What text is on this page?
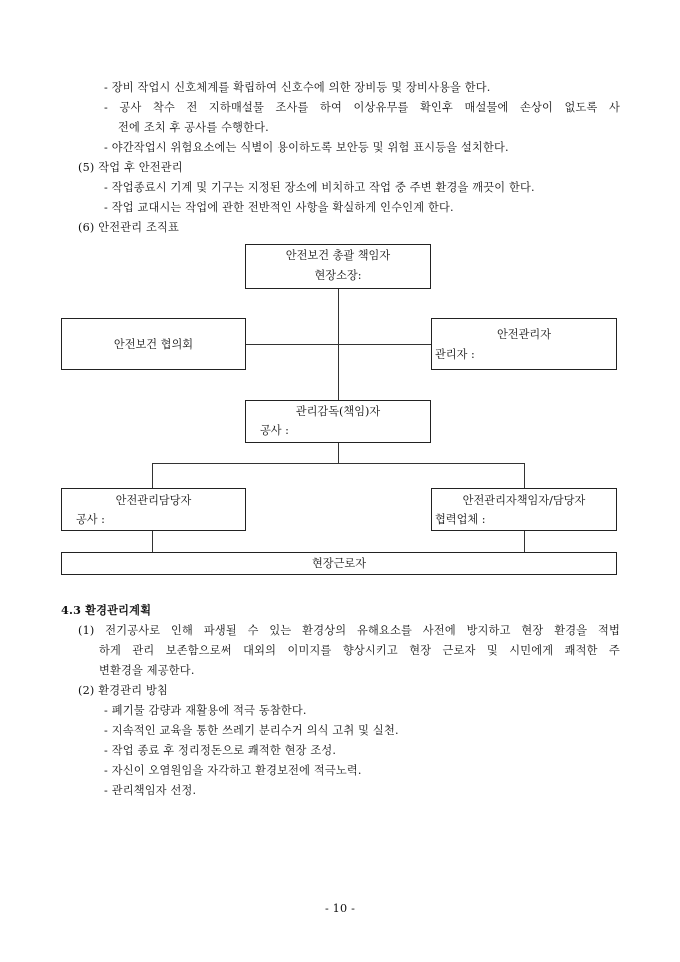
- 장비 작업시 신호체계를 확립하여 신호수에 의한 장비등 및 장비사용을 한다.
- 공사 착수 전 지하매설물 조사를 하여 이상유무를 확인후 매설물에 손상이 없도록 사
전에 조치 후 공사를 수행한다.
- 야간작업시 위험요소에는 식별이 용이하도록 보안등 및 위험 표시등을 설치한다.
(5) 작업 후 안전관리
- 작업종료시 기계 및 기구는 지정된 장소에 비치하고 작업 중 주변 환경을 깨끗이 한다.
- 작업 교대시는 작업에 관한 전반적인 사항을 확실하게 인수인계 한다.
(6) 안전관리 조직표
안전보건 총괄 책임자
현장소장:
안전보건 협의회
안전관리자
관리자 :
관리감독(책임)자
공사 :
안전관리담당자
공사 :
안전관리자책임자/담당자
협력업체 :
현장근로자
4.3 환경관리계획
(1) 전기공사로 인해 파생될 수 있는 환경상의 유해요소를 사전에 방지하고 현장 환경을 적법
하게 관리 보존함으로써 대외의 이미지를 향상시키고 현장 근로자 및 시민에게 쾌적한 주
변환경을 제공한다.
(2) 환경관리 방침
- 폐기물 감량과 재활용에 적극 동참한다.
- 지속적인 교육을 통한 쓰레기 분리수거 의식 고취 및 실천.
- 작업 종료 후 정리정돈으로 쾌적한 현장 조성.
- 자신이 오염원임을 자각하고 환경보전에 적극노력.
- 관리책임자 선정.
- 10 -
